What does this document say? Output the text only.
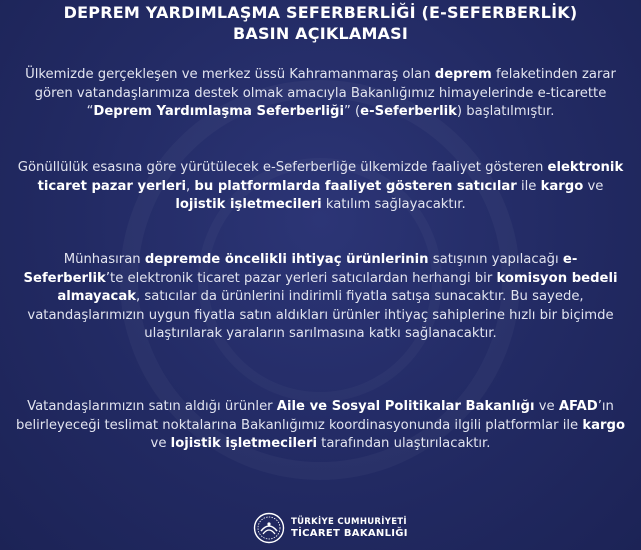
DEPREM YARDIMLAŞMA SEFERBERLİĞİ (E-SEFERBERLİK)
BASIN AÇIKLAMASI
Ülkemizde gerçekleşen ve merkez üssü Kahramanmaraş olan deprem felaketinden zarar gören vatandaşlarımıza destek olmak amacıyla Bakanlığımız himayelerinde e-ticarette “Deprem Yardımlaşma Seferberliği” (e-Seferberlik) başlatılmıştır.
Gönüllülük esasına göre yürütülecek e-Seferberliğe ülkemizde faaliyet gösteren elektronik ticaret pazar yerleri, bu platformlarda faaliyet gösteren satıcılar ile kargo ve lojistik işletmecileri katılım sağlayacaktır.
Münhasıran depremde öncelikli ihtiyaç ürünlerinin satışının yapılacağı e-Seferberlik’te elektronik ticaret pazar yerleri satıcılardan herhangi bir komisyon bedeli almayacak, satıcılar da ürünlerini indirimli fiyatla satışa sunacaktır. Bu sayede, vatandaşlarımızın uygun fiyatla satın aldıkları ürünler ihtiyaç sahiplerine hızlı bir biçimde ulaştırılarak yaraların sarılmasına katkı sağlanacaktır.
Vatandaşlarımızın satın aldığı ürünler Aile ve Sosyal Politikalar Bakanlığı ve AFAD’ın belirleyeceği teslimat noktalarına Bakanlığımız koordinasyonunda ilgili platformlar ile kargo ve lojistik işletmecileri tarafından ulaştırılacaktır.
TÜRKİYE CUMHURİYETİ
TİCARET BAKANLIĞI
